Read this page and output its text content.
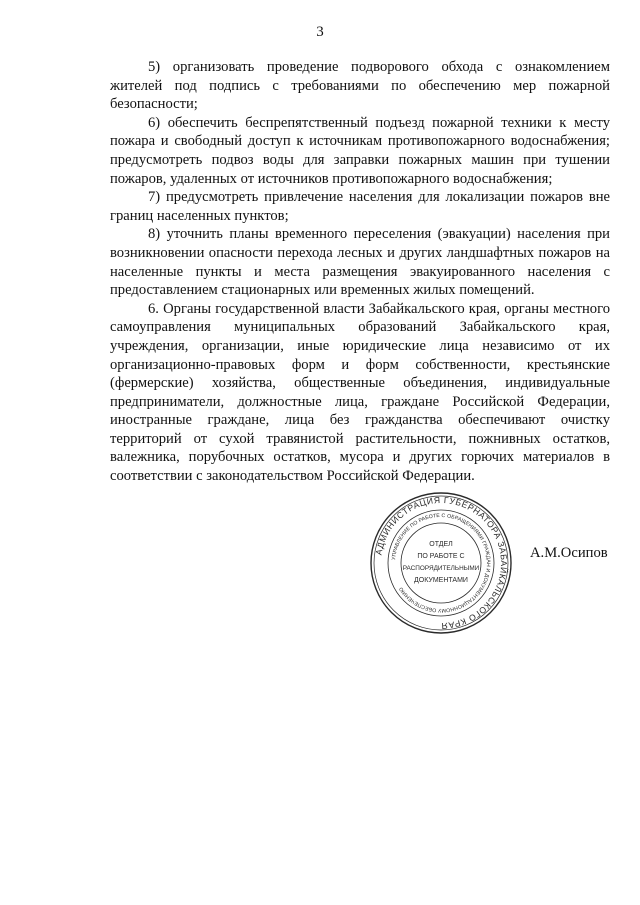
3

5) организовать проведение подворового обхода с ознакомлением жителей под подпись с требованиями по обеспечению мер пожарной безопасности;

6) обеспечить беспрепятственный подъезд пожарной техники к месту пожара и свободный доступ к источникам противопожарного водоснабжения; предусмотреть подвоз воды для заправки пожарных машин при тушении пожаров, удаленных от источников противопожарного водоснабжения;

7) предусмотреть привлечение населения для локализации пожаров вне границ населенных пунктов;

8) уточнить планы временного переселения (эвакуации) населения при возникновении опасности перехода лесных и других ландшафтных пожаров на населенные пункты и места размещения эвакуированного населения с предоставлением стационарных или временных жилых помещений.

6. Органы государственной власти Забайкальского края, органы местного самоуправления муниципальных образований Забайкальского края, учреждения, организации, иные юридические лица независимо от их организационно-правовых форм и форм собственности, крестьянские (фермерские) хозяйства, общественные объединения, индивидуальные предприниматели, должностные лица, граждане Российской Федерации, иностранные граждане, лица без гражданства обеспечивают очистку территорий от сухой травянистой растительности, пожнивных остатков, валежника, порубочных остатков, мусора и других горючих материалов в соответствии с законодательством Российской Федерации.

АДМИНИСТРАЦИЯ ГУБЕРНАТОРА ЗАБАЙКАЛЬСКОГО КРАЯ
УПРАВЛЕНИЕ ПО РАБОТЕ С ОБРАЩЕНИЯМИ ГРАЖДАН И ДОКУМЕНТАЦИОННОМУ ОБЕСПЕЧЕНИЮ
ОТДЕЛ
ПО РАБОТЕ С
РАСПОРЯДИТЕЛЬНЫМИ
ДОКУМЕНТАМИ
А.М.Осипов
